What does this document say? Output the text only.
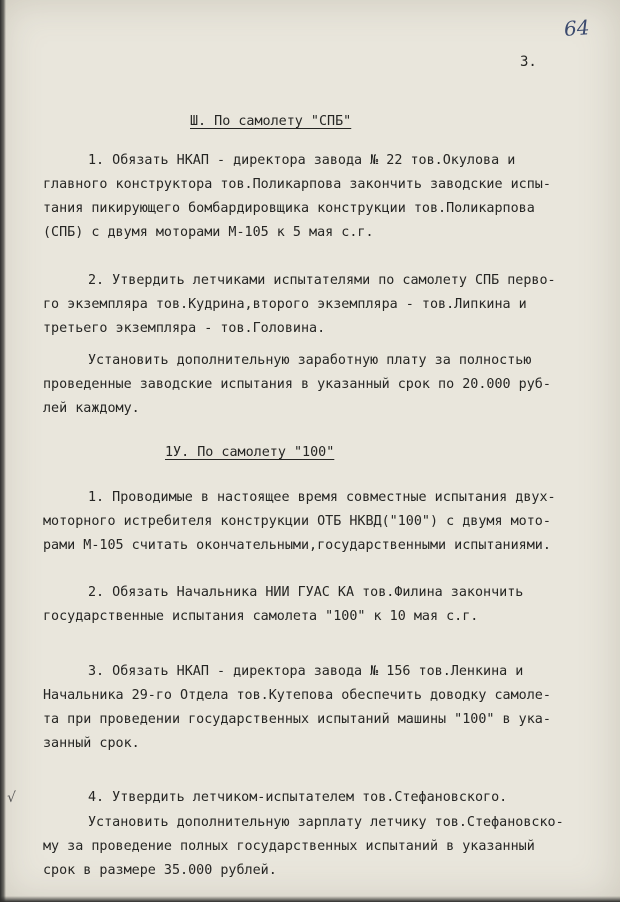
64
3.
Ш. По самолету "СПБ"
1. Обязать НКАП - директора завода № 22 тов.Окулова и
главного конструктора тов.Поликарпова закончить заводские испы-
тания пикирующего бомбардировщика конструкции тов.Поликарпова
(СПБ) с двумя моторами М-105 к 5 мая с.г.
2. Утвердить летчиками испытателями по самолету СПБ перво-
го экземпляра тов.Кудрина,второго экземпляра - тов.Липкина и
третьего экземпляра - тов.Головина.
Установить дополнительную заработную плату за полностью
проведенные заводские испытания в указанный срок по 20.000 руб-
лей каждому.
1У. По самолету "100"
1. Проводимые в настоящее время совместные испытания двух-
моторного истребителя конструкции ОТБ НКВД("100") с двумя мото-
рами М-105 считать окончательными,государственными испытаниями.
2. Обязать Начальника НИИ ГУАС КА тов.Филина закончить
государственные испытания самолета "100" к 10 мая с.г.
3. Обязать НКАП - директора завода № 156 тов.Ленкина и
Начальника 29-го Отдела тов.Кутепова обеспечить доводку самоле-
та при проведении государственных испытаний машины "100" в ука-
занный срок.
4. Утвердить летчиком-испытателем тов.Стефановского.
Установить дополнительную зарплату летчику тов.Стефановско-
му за проведение полных государственных испытаний в указанный
срок в размере 35.000 рублей.
√
